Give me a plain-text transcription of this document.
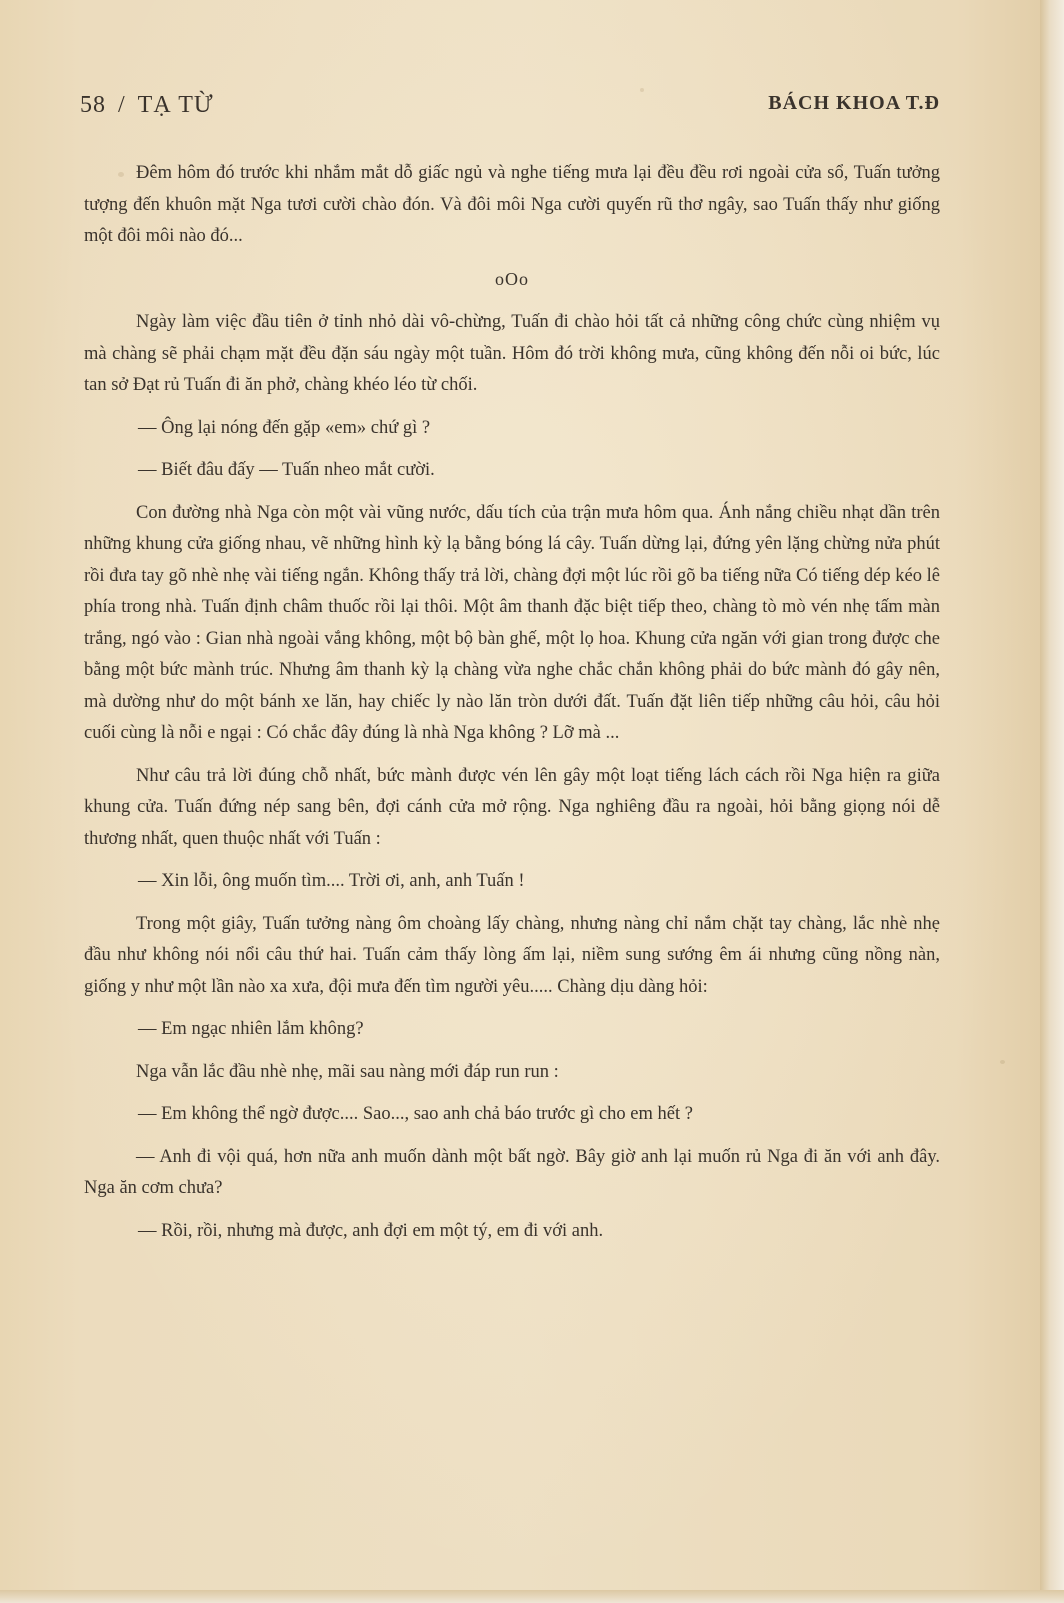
58 / TẠ TỪ	BÁCH KHOA T.Đ

Đêm hôm đó trước khi nhắm mắt dỗ giấc ngủ và nghe tiếng mưa lại đều đều rơi ngoài cửa sổ, Tuấn tưởng tượng đến khuôn mặt Nga tươi cười chào đón. Và đôi môi Nga cười quyến rũ thơ ngây, sao Tuấn thấy như giống một đôi môi nào đó...

oOo

Ngày làm việc đầu tiên ở tỉnh nhỏ dài vô-chừng, Tuấn đi chào hỏi tất cả những công chức cùng nhiệm vụ mà chàng sẽ phải chạm mặt đều đặn sáu ngày một tuần. Hôm đó trời không mưa, cũng không đến nỗi oi bức, lúc tan sở Đạt rủ Tuấn đi ăn phở, chàng khéo léo từ chối.

— Ông lại nóng đến gặp «em» chứ gì ?

— Biết đâu đấy — Tuấn nheo mắt cười.

Con đường nhà Nga còn một vài vũng nước, dấu tích của trận mưa hôm qua. Ánh nắng chiều nhạt dần trên những khung cửa giống nhau, vẽ những hình kỳ lạ bằng bóng lá cây. Tuấn dừng lại, đứng yên lặng chừng nửa phút rồi đưa tay gõ nhè nhẹ vài tiếng ngắn. Không thấy trả lời, chàng đợi một lúc rồi gõ ba tiếng nữa Có tiếng dép kéo lê phía trong nhà. Tuấn định châm thuốc rồi lại thôi. Một âm thanh đặc biệt tiếp theo, chàng tò mò vén nhẹ tấm màn trắng, ngó vào : Gian nhà ngoài vắng không, một bộ bàn ghế, một lọ hoa. Khung cửa ngăn với gian trong được che bằng một bức mành trúc. Nhưng âm thanh kỳ lạ chàng vừa nghe chắc chắn không phải do bức mành đó gây nên, mà dường như do một bánh xe lăn, hay chiếc ly nào lăn tròn dưới đất. Tuấn đặt liên tiếp những câu hỏi, câu hỏi cuối cùng là nỗi e ngại : Có chắc đây đúng là nhà Nga không ? Lỡ mà ...

Như câu trả lời đúng chỗ nhất, bức mành được vén lên gây một loạt tiếng lách cách rồi Nga hiện ra giữa khung cửa. Tuấn đứng nép sang bên, đợi cánh cửa mở rộng. Nga nghiêng đầu ra ngoài, hỏi bằng giọng nói dễ thương nhất, quen thuộc nhất với Tuấn :

— Xin lỗi, ông muốn tìm.... Trời ơi, anh, anh Tuấn !

Trong một giây, Tuấn tưởng nàng ôm choàng lấy chàng, nhưng nàng chỉ nắm chặt tay chàng, lắc nhè nhẹ đầu như không nói nổi câu thứ hai. Tuấn cảm thấy lòng ấm lại, niềm sung sướng êm ái nhưng cũng nồng nàn, giống y như một lần nào xa xưa, đội mưa đến tìm người yêu..... Chàng dịu dàng hỏi:

— Em ngạc nhiên lắm không?

Nga vẫn lắc đầu nhè nhẹ, mãi sau nàng mới đáp run run :

— Em không thể ngờ được.... Sao..., sao anh chả báo trước gì cho em hết ?

— Anh đi vội quá, hơn nữa anh muốn dành một bất ngờ. Bây giờ anh lại muốn rủ Nga đi ăn với anh đây. Nga ăn cơm chưa?

— Rồi, rồi, nhưng mà được, anh đợi em một tý, em đi với anh.
